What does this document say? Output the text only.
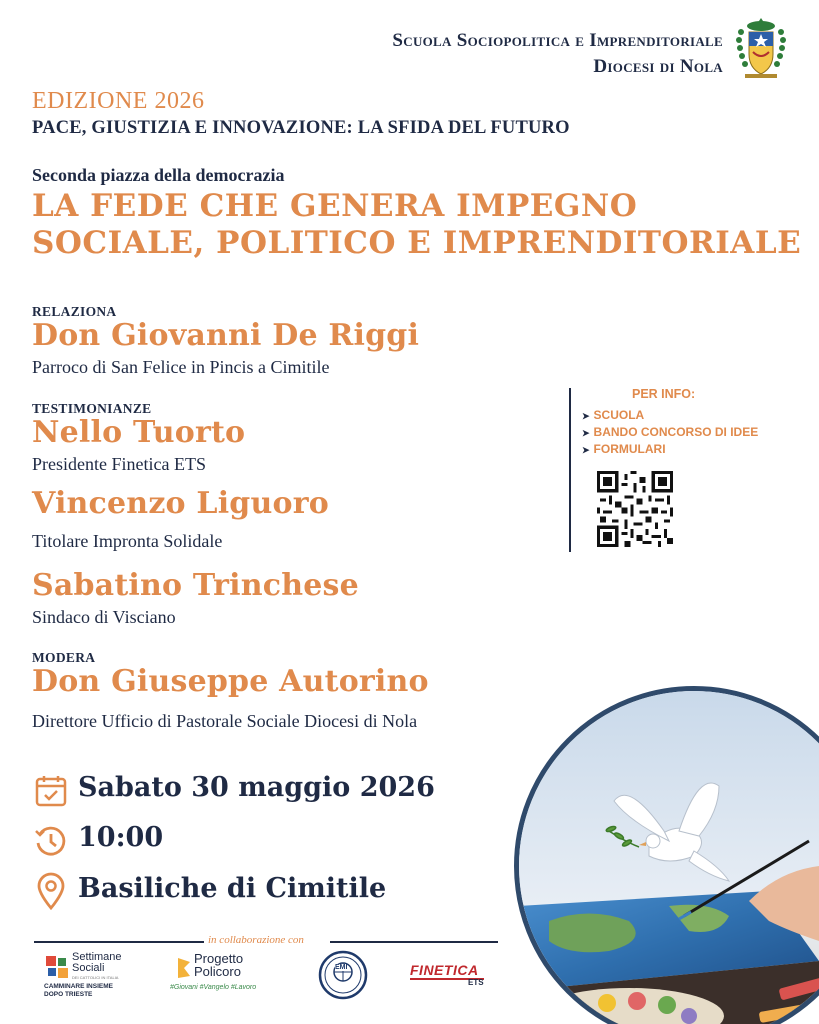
Scuola Sociopolitica e Imprenditoriale
Diocesi di Nola
EDIZIONE 2026
PACE, GIUSTIZIA E INNOVAZIONE: LA SFIDA DEL FUTURO
Seconda piazza della democrazia
LA FEDE CHE GENERA IMPEGNO
SOCIALE, POLITICO E IMPRENDITORIALE
RELAZIONA
Don Giovanni De Riggi
Parroco di San Felice in Pincis a Cimitile
TESTIMONIANZE
Nello Tuorto
Presidente Finetica ETS
Vincenzo Liguoro
Titolare Impronta Solidale
Sabatino Trinchese
Sindaco di Visciano
MODERA
Don Giuseppe Autorino
Direttore Ufficio di Pastorale Sociale Diocesi di Nola
PER INFO:
➤ SCUOLA
➤ BANDO CONCORSO DI IDEE
➤ FORMULARI
Sabato 30 maggio 2026
10:00
Basiliche di Cimitile
in collaborazione con
Settimane
Sociali
DEI CATTOLICI IN ITALIA
CAMMINARE INSIEME
DOPO TRIESTE
Progetto
Policoro
#Giovani #Vangelo #Lavoro
EMI	FINETICA
ETS
